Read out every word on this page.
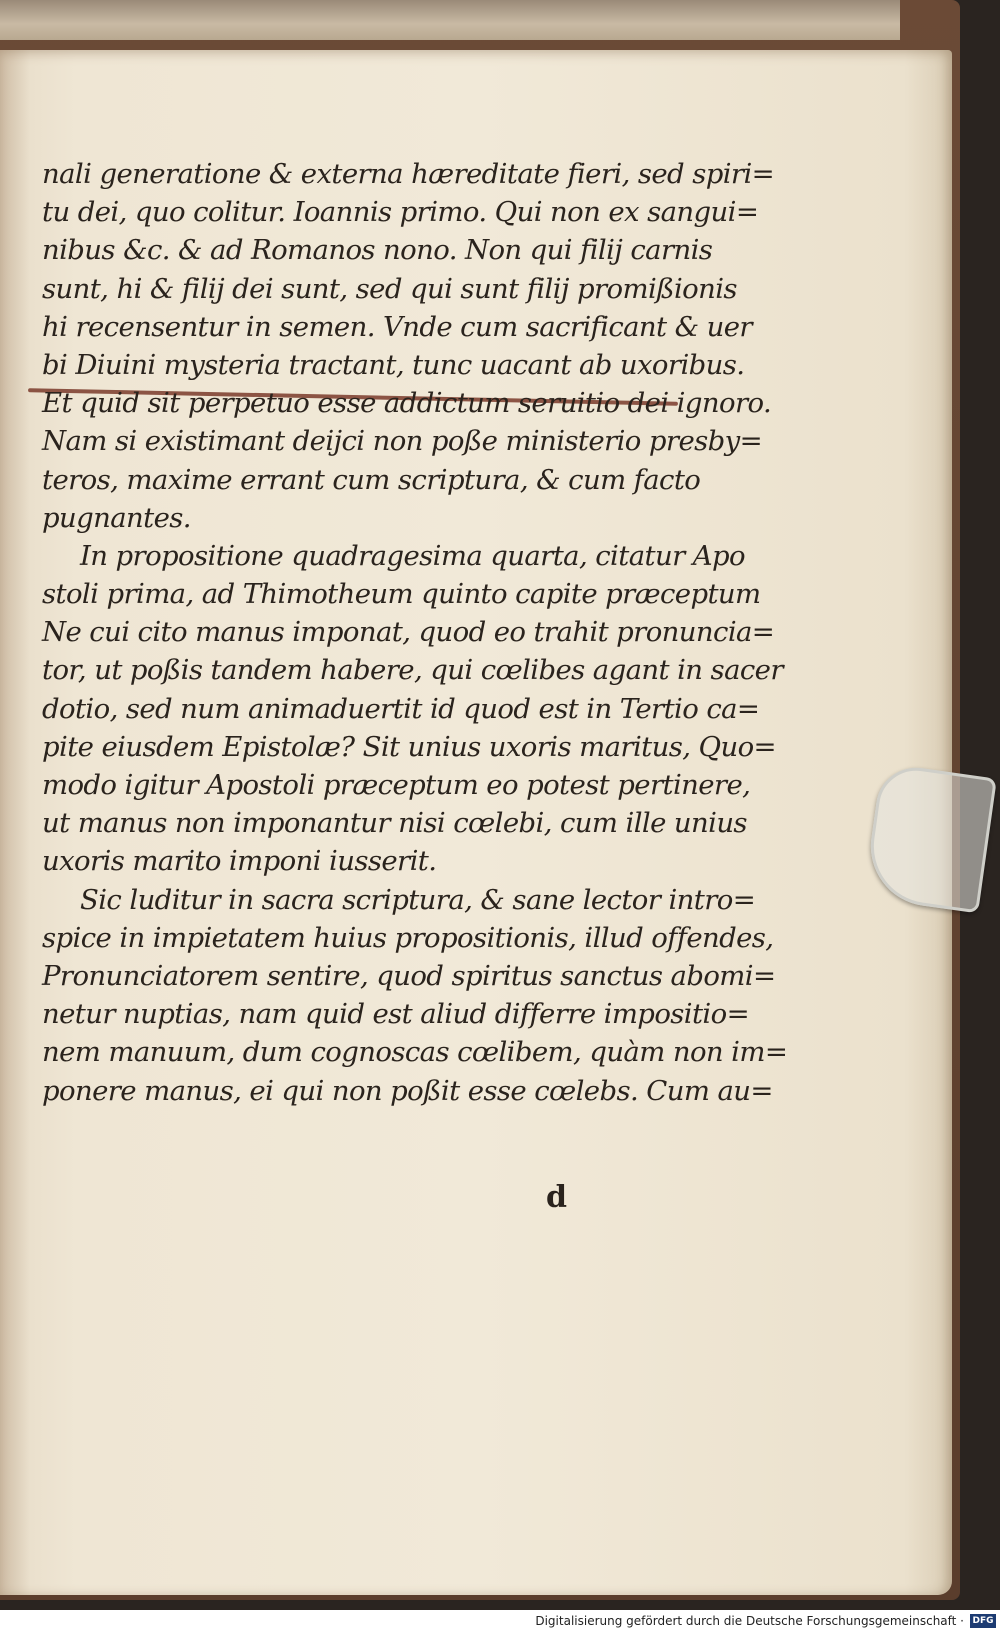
nali generatione & externa hæreditate fieri, sed spiri=
tu dei, quo colitur. Ioannis primo. Qui non ex sangui=
nibus &c. & ad Romanos nono. Non qui filij carnis
sunt, hi & filij dei sunt, sed qui sunt filij promißionis
hi recensentur in semen. Vnde cum sacrificant & uer
bi Diuini mysteria tractant, tunc uacant ab uxoribus.
Et quid sit perpetuo esse addictum seruitio dei ignoro.
Nam si existimant deijci non poße ministerio presby=
teros, maxime errant cum scriptura, & cum facto
pugnantes.
In propositione quadragesima quarta, citatur Apo
stoli prima, ad Thimotheum quinto capite præceptum
Ne cui cito manus imponat, quod eo trahit pronuncia=
tor, ut poßis tandem habere, qui cœlibes agant in sacer
dotio, sed num animaduertit id quod est in Tertio ca=
pite eiusdem Epistolæ? Sit unius uxoris maritus, Quo=
modo igitur Apostoli præceptum eo potest pertinere,
ut manus non imponantur nisi cœlebi, cum ille unius
uxoris marito imponi iusserit.
Sic luditur in sacra scriptura, & sane lector intro=
spice in impietatem huius propositionis, illud offendes,
Pronunciatorem sentire, quod spiritus sanctus abomi=
netur nuptias, nam quid est aliud differre impositio=
nem manuum, dum cognoscas cœlibem, quàm non im=
ponere manus, ei qui non poßit esse cœlebs. Cum au=
d
Digitalisierung gefördert durch die Deutsche Forschungsgemeinschaft · DFG
